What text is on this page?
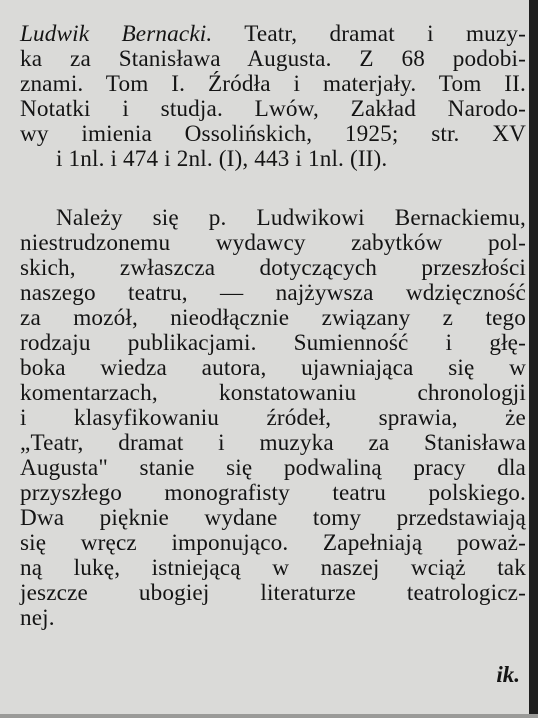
Ludwik Bernacki. Teatr, dramat i muzy-
ka za Stanisława Augusta. Z 68 podobi-
znami. Tom I. Źródła i materjały. Tom II.
Notatki i studja. Lwów, Zakład Narodo-
wy imienia Ossolińskich, 1925; str. XV
i 1nl. i 474 i 2nl. (I), 443 i 1nl. (II).
Należy się p. Ludwikowi Bernackiemu,
niestrudzonemu wydawcy zabytków pol-
skich, zwłaszcza dotyczących przeszłości
naszego teatru, — najżywsza wdzięczność
za mozół, nieodłącznie związany z tego
rodzaju publikacjami. Sumienność i głę-
boka wiedza autora, ujawniająca się w
komentarzach, konstatowaniu chronologji
i klasyfikowaniu źródeł, sprawia, że
„Teatr, dramat i muzyka za Stanisława
Augusta" stanie się podwaliną pracy dla
przyszłego monografisty teatru polskiego.
Dwa pięknie wydane tomy przedstawiają
się wręcz imponująco. Zapełniają poważ-
ną lukę, istniejącą w naszej wciąż tak
jeszcze ubogiej literaturze teatrologicz-
nej.
ik.
